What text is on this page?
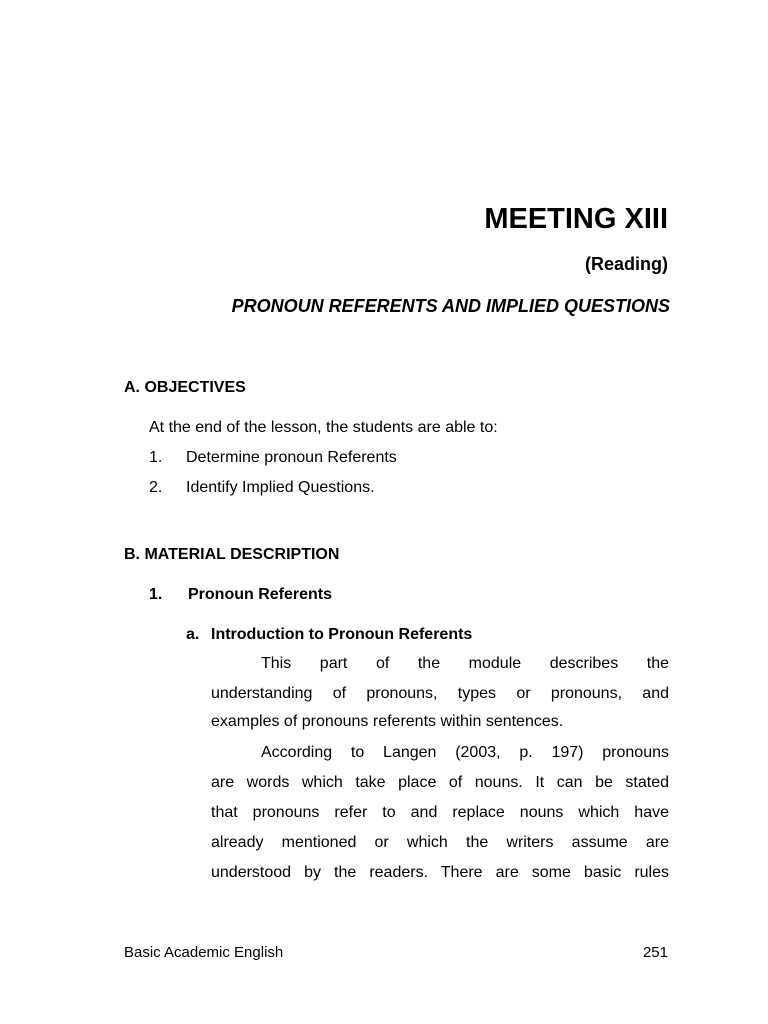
MEETING XIII
(Reading)
PRONOUN REFERENTS AND IMPLIED QUESTIONS
A. OBJECTIVES
At the end of the lesson, the students are able to:
1. Determine pronoun Referents
2. Identify Implied Questions.
B. MATERIAL DESCRIPTION
1. Pronoun Referents
a. Introduction to Pronoun Referents
This part of the module describes the
understanding of pronouns, types or pronouns, and
examples of pronouns referents within sentences.
According to Langen (2003, p. 197) pronouns
are words which take place of nouns. It can be stated
that pronouns refer to and replace nouns which have
already mentioned or which the writers assume are
understood by the readers. There are some basic rules
Basic Academic English	251
